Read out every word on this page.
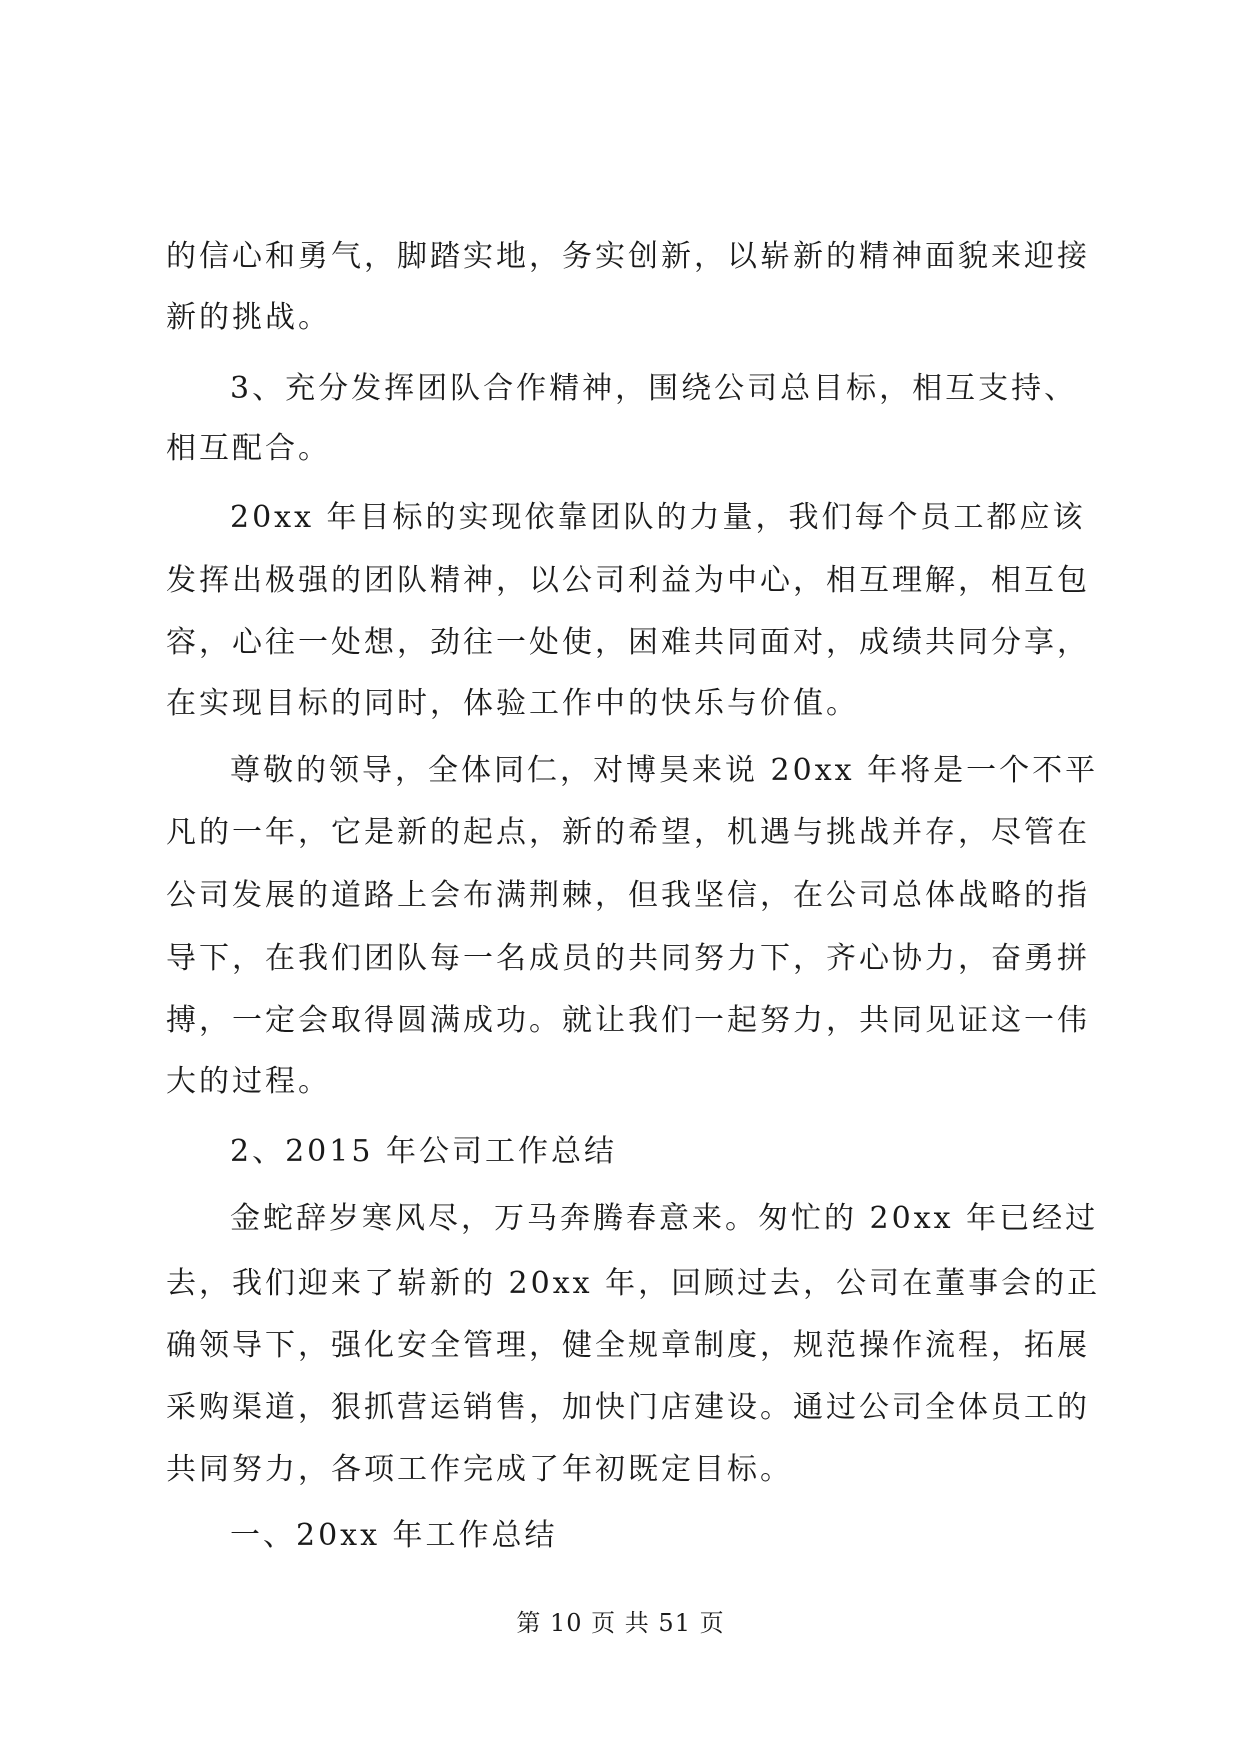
的信心和勇气，脚踏实地，务实创新，以崭新的精神面貌来迎接
新的挑战。
3、充分发挥团队合作精神，围绕公司总目标，相互支持、
相互配合。
20xx 年目标的实现依靠团队的力量，我们每个员工都应该
发挥出极强的团队精神，以公司利益为中心，相互理解，相互包
容，心往一处想，劲往一处使，困难共同面对，成绩共同分享，
在实现目标的同时，体验工作中的快乐与价值。
尊敬的领导，全体同仁，对博昊来说 20xx 年将是一个不平
凡的一年，它是新的起点，新的希望，机遇与挑战并存，尽管在
公司发展的道路上会布满荆棘，但我坚信，在公司总体战略的指
导下，在我们团队每一名成员的共同努力下，齐心协力，奋勇拼
搏，一定会取得圆满成功。就让我们一起努力，共同见证这一伟
大的过程。
2、2015 年公司工作总结
金蛇辞岁寒风尽，万马奔腾春意来。匆忙的 20xx 年已经过
去，我们迎来了崭新的 20xx 年，回顾过去，公司在董事会的正
确领导下，强化安全管理，健全规章制度，规范操作流程，拓展
采购渠道，狠抓营运销售，加快门店建设。通过公司全体员工的
共同努力，各项工作完成了年初既定目标。
一、20xx 年工作总结
第 10 页 共 51 页
